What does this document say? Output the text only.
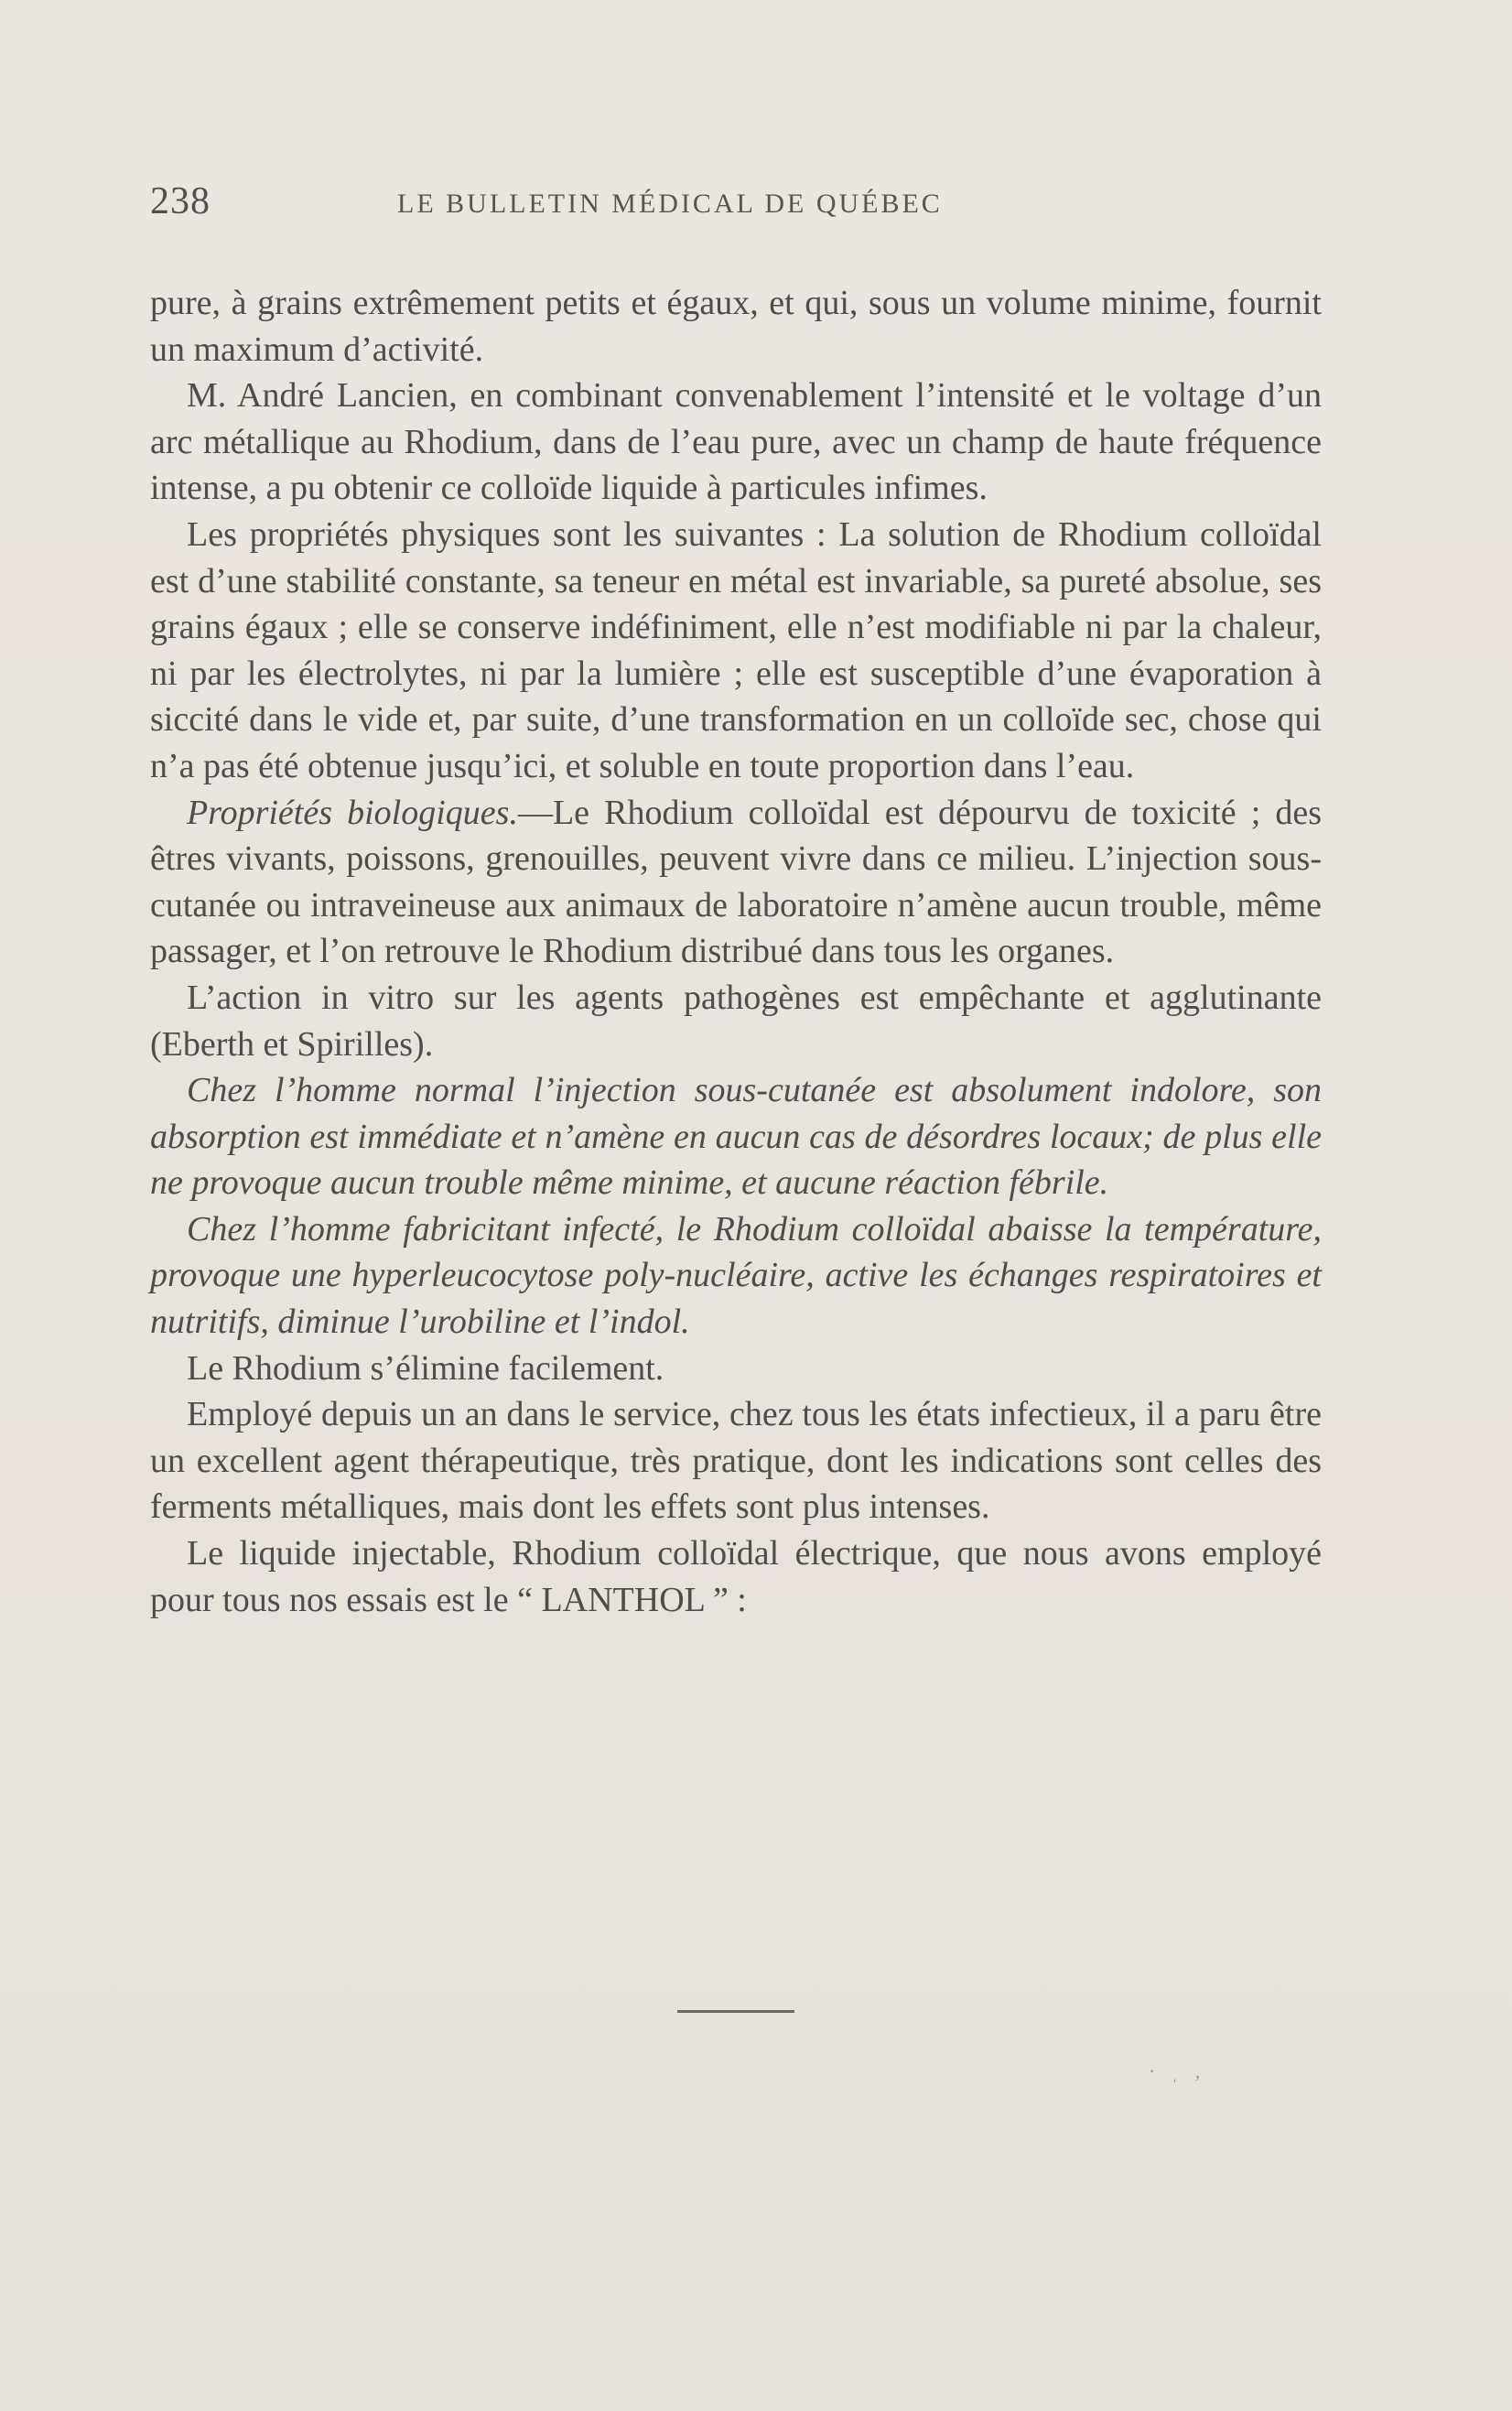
238	LE BULLETIN MÉDICAL DE QUÉBEC

pure, à grains extrêmement petits et égaux, et qui, sous un volume minime, fournit un maximum d’activité.

M. André Lancien, en combinant convenablement l’intensité et le voltage d’un arc métallique au Rhodium, dans de l’eau pure, avec un champ de haute fréquence intense, a pu obtenir ce colloïde liquide à particules infimes.

Les propriétés physiques sont les suivantes : La solution de Rhodium colloïdal est d’une stabilité constante, sa teneur en métal est invariable, sa pureté absolue, ses grains égaux ; elle se conserve indéfiniment, elle n’est modifiable ni par la chaleur, ni par les électrolytes, ni par la lumière ; elle est susceptible d’une évaporation à siccité dans le vide et, par suite, d’une transformation en un colloïde sec, chose qui n’a pas été obtenue jusqu’ici, et soluble en toute proportion dans l’eau.

Propriétés biologiques.—Le Rhodium colloïdal est dépourvu de toxicité ; des êtres vivants, poissons, grenouilles, peuvent vivre dans ce milieu. L’injection sous-cutanée ou intraveineuse aux animaux de laboratoire n’amène aucun trouble, même passager, et l’on retrouve le Rhodium distribué dans tous les organes.

L’action in vitro sur les agents pathogènes est empêchante et agglutinante (Eberth et Spirilles).

Chez l’homme normal l’injection sous-cutanée est absolument indolore, son absorption est immédiate et n’amène en aucun cas de désordres locaux; de plus elle ne provoque aucun trouble même minime, et aucune réaction fébrile.

Chez l’homme fabricitant infecté, le Rhodium colloïdal abaisse la température, provoque une hyperleucocytose poly-nucléaire, active les échanges respiratoires et nutritifs, diminue l’urobiline et l’indol.

Le Rhodium s’élimine facilement.

Employé depuis un an dans le service, chez tous les états infectieux, il a paru être un excellent agent thérapeutique, très pratique, dont les indications sont celles des ferments métalliques, mais dont les effets sont plus intenses.

Le liquide injectable, Rhodium colloïdal électrique, que nous avons employé pour tous nos essais est le “ LANTHOL ” :

· ˌ ‚
